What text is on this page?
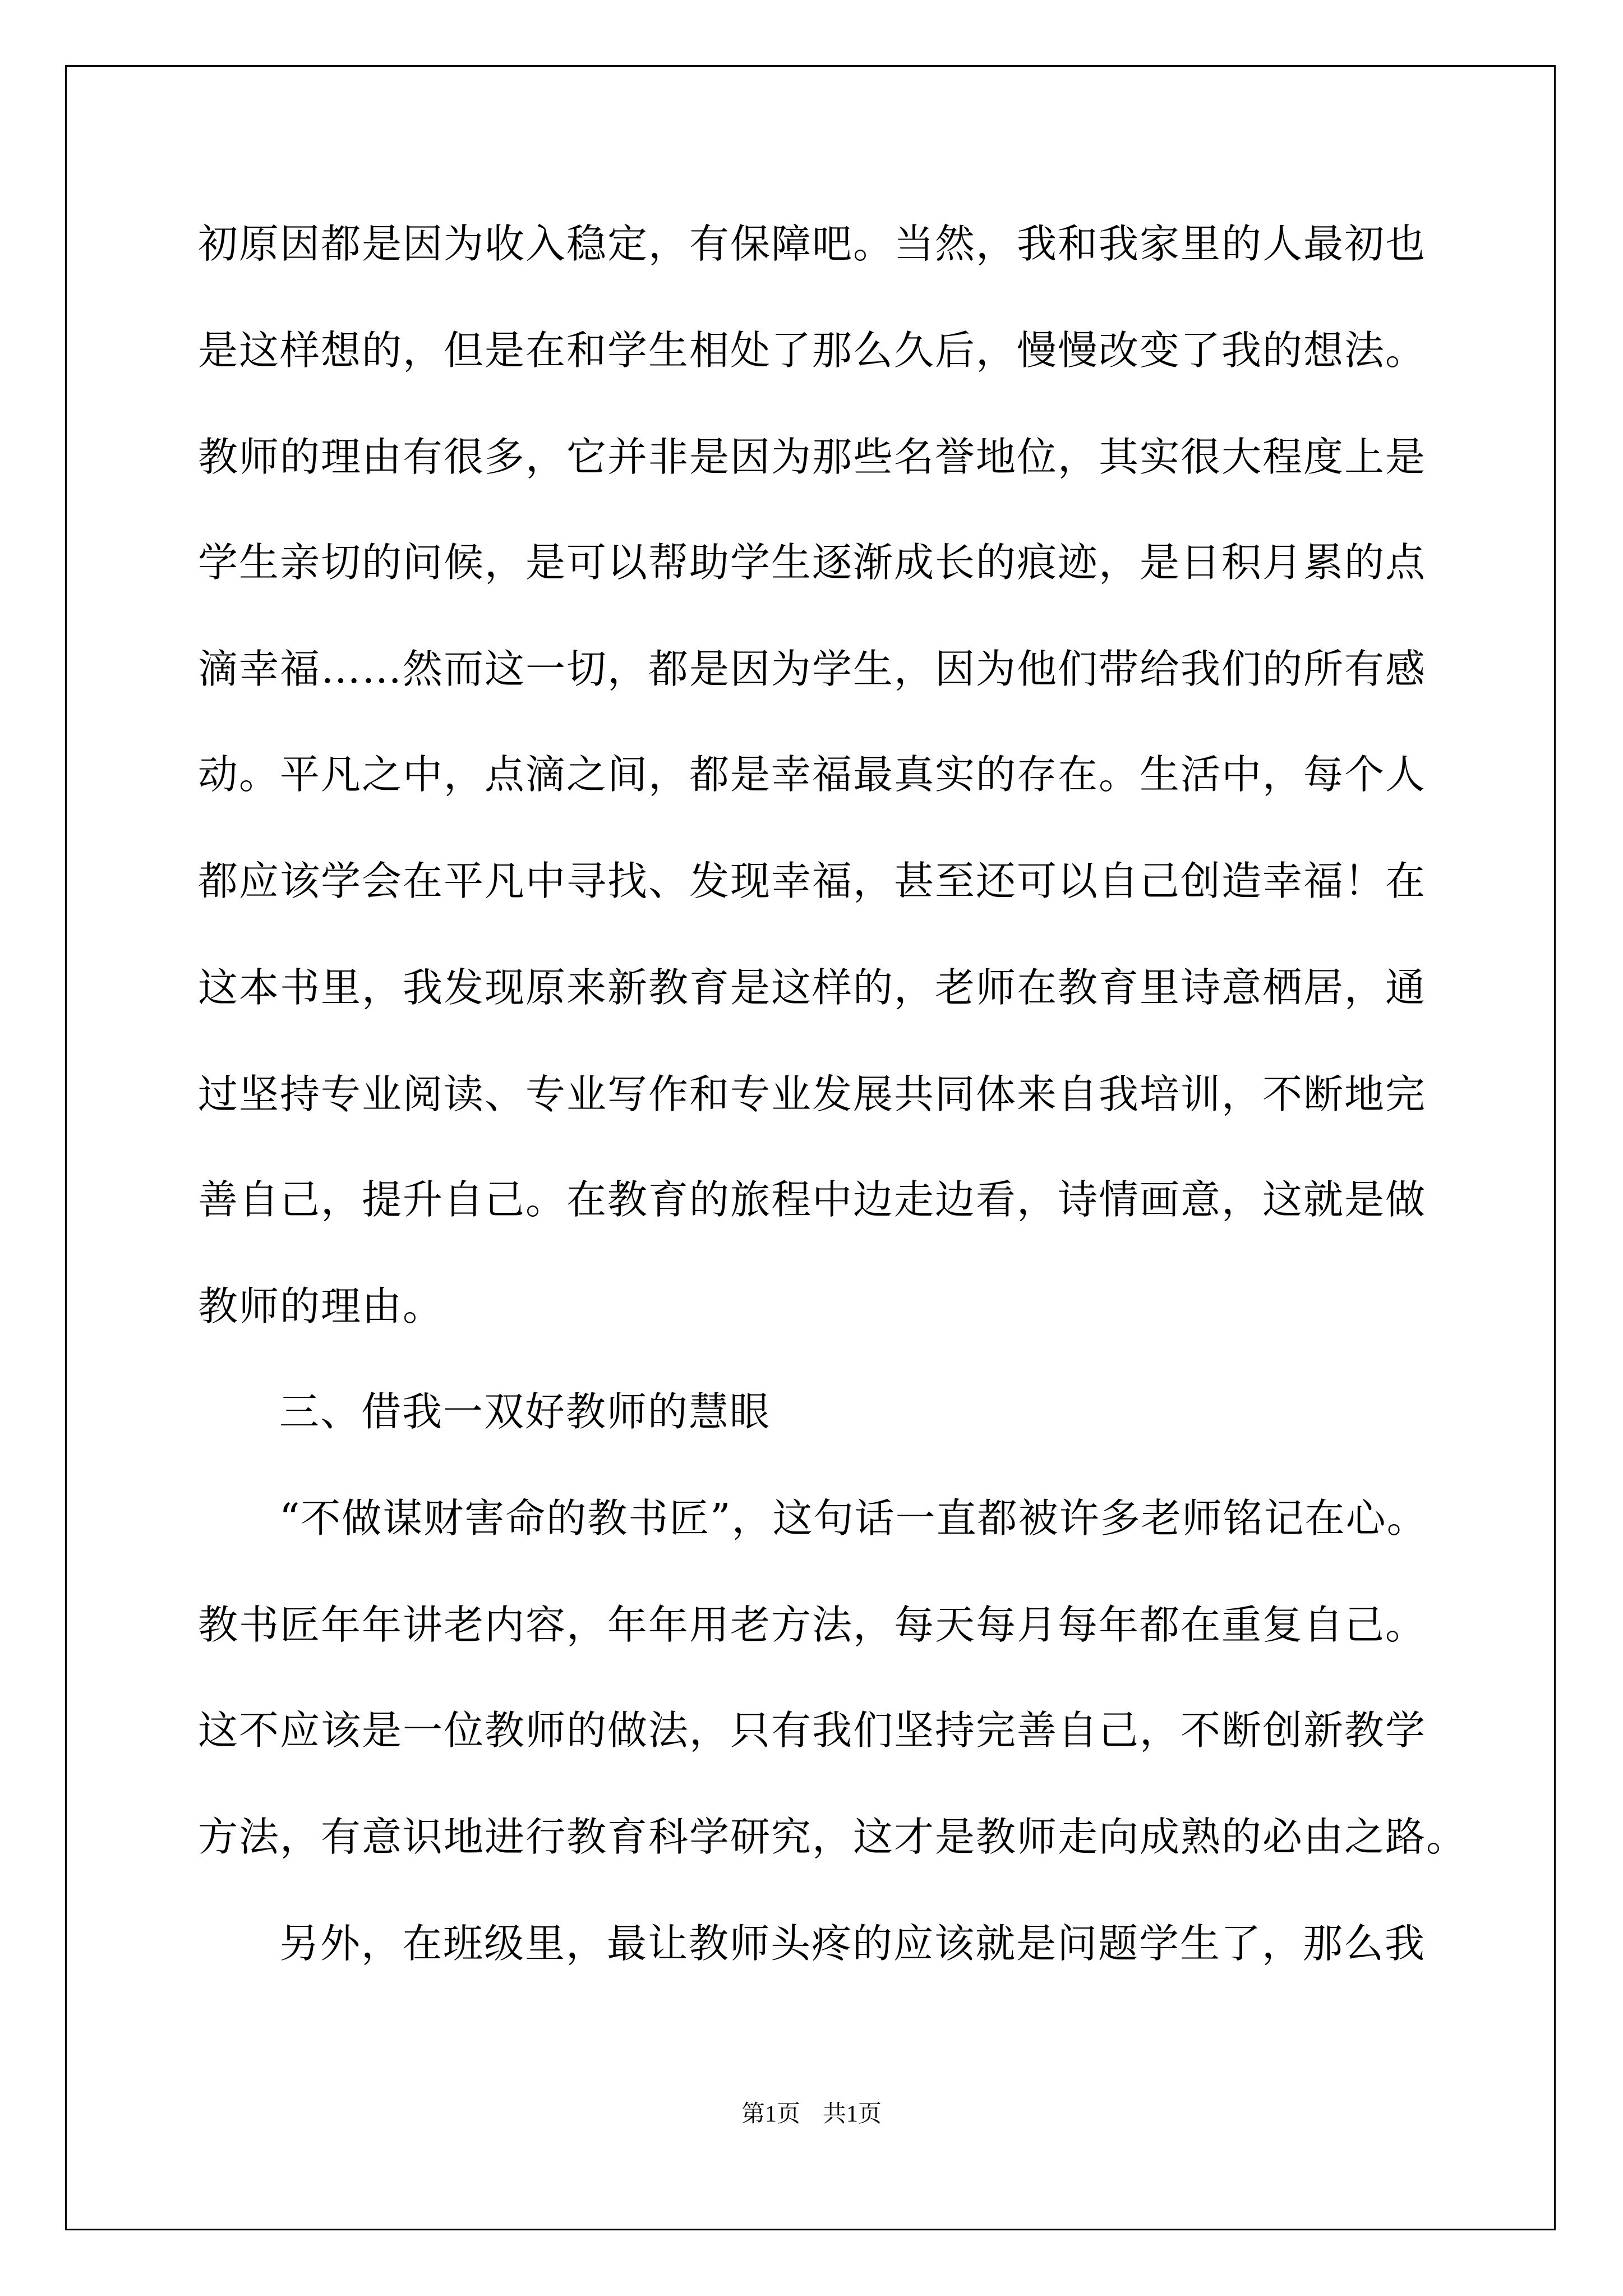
初原因都是因为收入稳定，有保障吧。当然，我和我家里的人最初也
是这样想的，但是在和学生相处了那么久后，慢慢改变了我的想法。
教师的理由有很多，它并非是因为那些名誉地位，其实很大程度上是
学生亲切的问候，是可以帮助学生逐渐成长的痕迹，是日积月累的点
滴幸福……然而这一切，都是因为学生，因为他们带给我们的所有感
动。平凡之中，点滴之间，都是幸福最真实的存在。生活中，每个人
都应该学会在平凡中寻找、发现幸福，甚至还可以自己创造幸福！在
这本书里，我发现原来新教育是这样的，老师在教育里诗意栖居，通
过坚持专业阅读、专业写作和专业发展共同体来自我培训，不断地完
善自己，提升自己。在教育的旅程中边走边看，诗情画意，这就是做
教师的理由。
三、借我一双好教师的慧眼
“不做谋财害命的教书匠”，这句话一直都被许多老师铭记在心。
教书匠年年讲老内容，年年用老方法，每天每月每年都在重复自己。
这不应该是一位教师的做法，只有我们坚持完善自己，不断创新教学
方法，有意识地进行教育科学研究，这才是教师走向成熟的必由之路。
另外，在班级里，最让教师头疼的应该就是问题学生了，那么我
第1页 共1页
